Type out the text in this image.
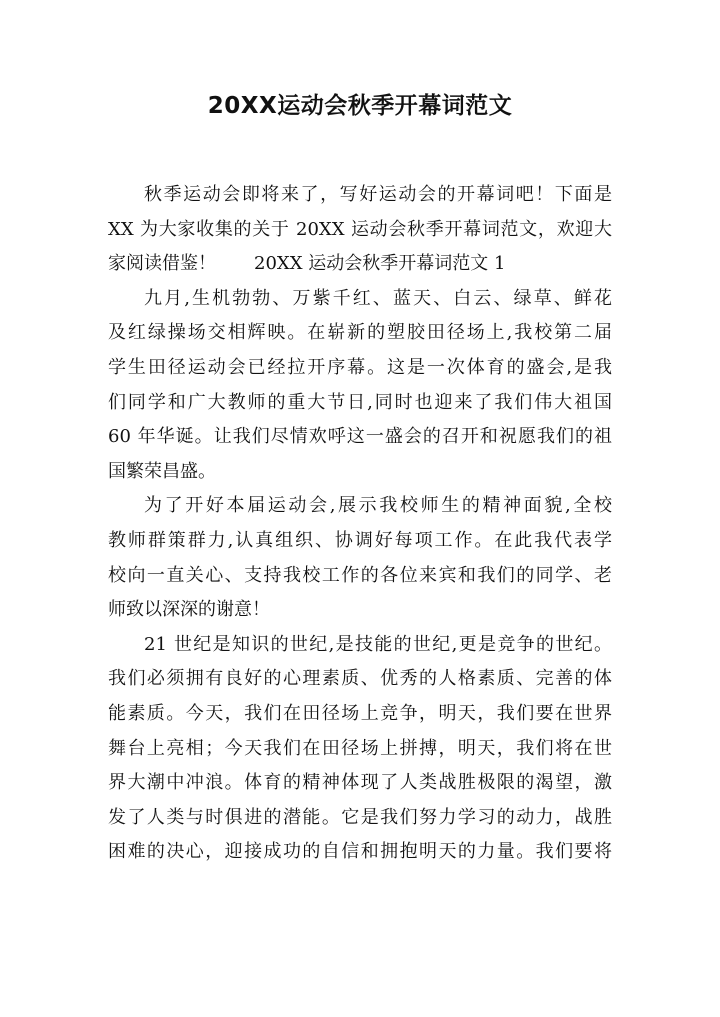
20XX运动会秋季开幕词范文
秋季运动会即将来了，写好运动会的开幕词吧！下面是
XX 为大家收集的关于 20XX 运动会秋季开幕词范文，欢迎大
家阅读借鉴！ 20XX 运动会秋季开幕词范文 1
九月,生机勃勃、万紫千红、蓝天、白云、绿草、鲜花
及红绿操场交相辉映。在崭新的塑胶田径场上,我校第二届
学生田径运动会已经拉开序幕。这是一次体育的盛会,是我
们同学和广大教师的重大节日,同时也迎来了我们伟大祖国
60 年华诞。让我们尽情欢呼这一盛会的召开和祝愿我们的祖
国繁荣昌盛。
为了开好本届运动会,展示我校师生的精神面貌,全校
教师群策群力,认真组织、协调好每项工作。在此我代表学
校向一直关心、支持我校工作的各位来宾和我们的同学、老
师致以深深的谢意！
21 世纪是知识的世纪,是技能的世纪,更是竞争的世纪。
我们必须拥有良好的心理素质、优秀的人格素质、完善的体
能素质。今天，我们在田径场上竞争，明天，我们要在世界
舞台上亮相；今天我们在田径场上拼搏，明天，我们将在世
界大潮中冲浪。体育的精神体现了人类战胜极限的渴望，激
发了人类与时俱进的潜能。它是我们努力学习的动力，战胜
困难的决心，迎接成功的自信和拥抱明天的力量。我们要将
